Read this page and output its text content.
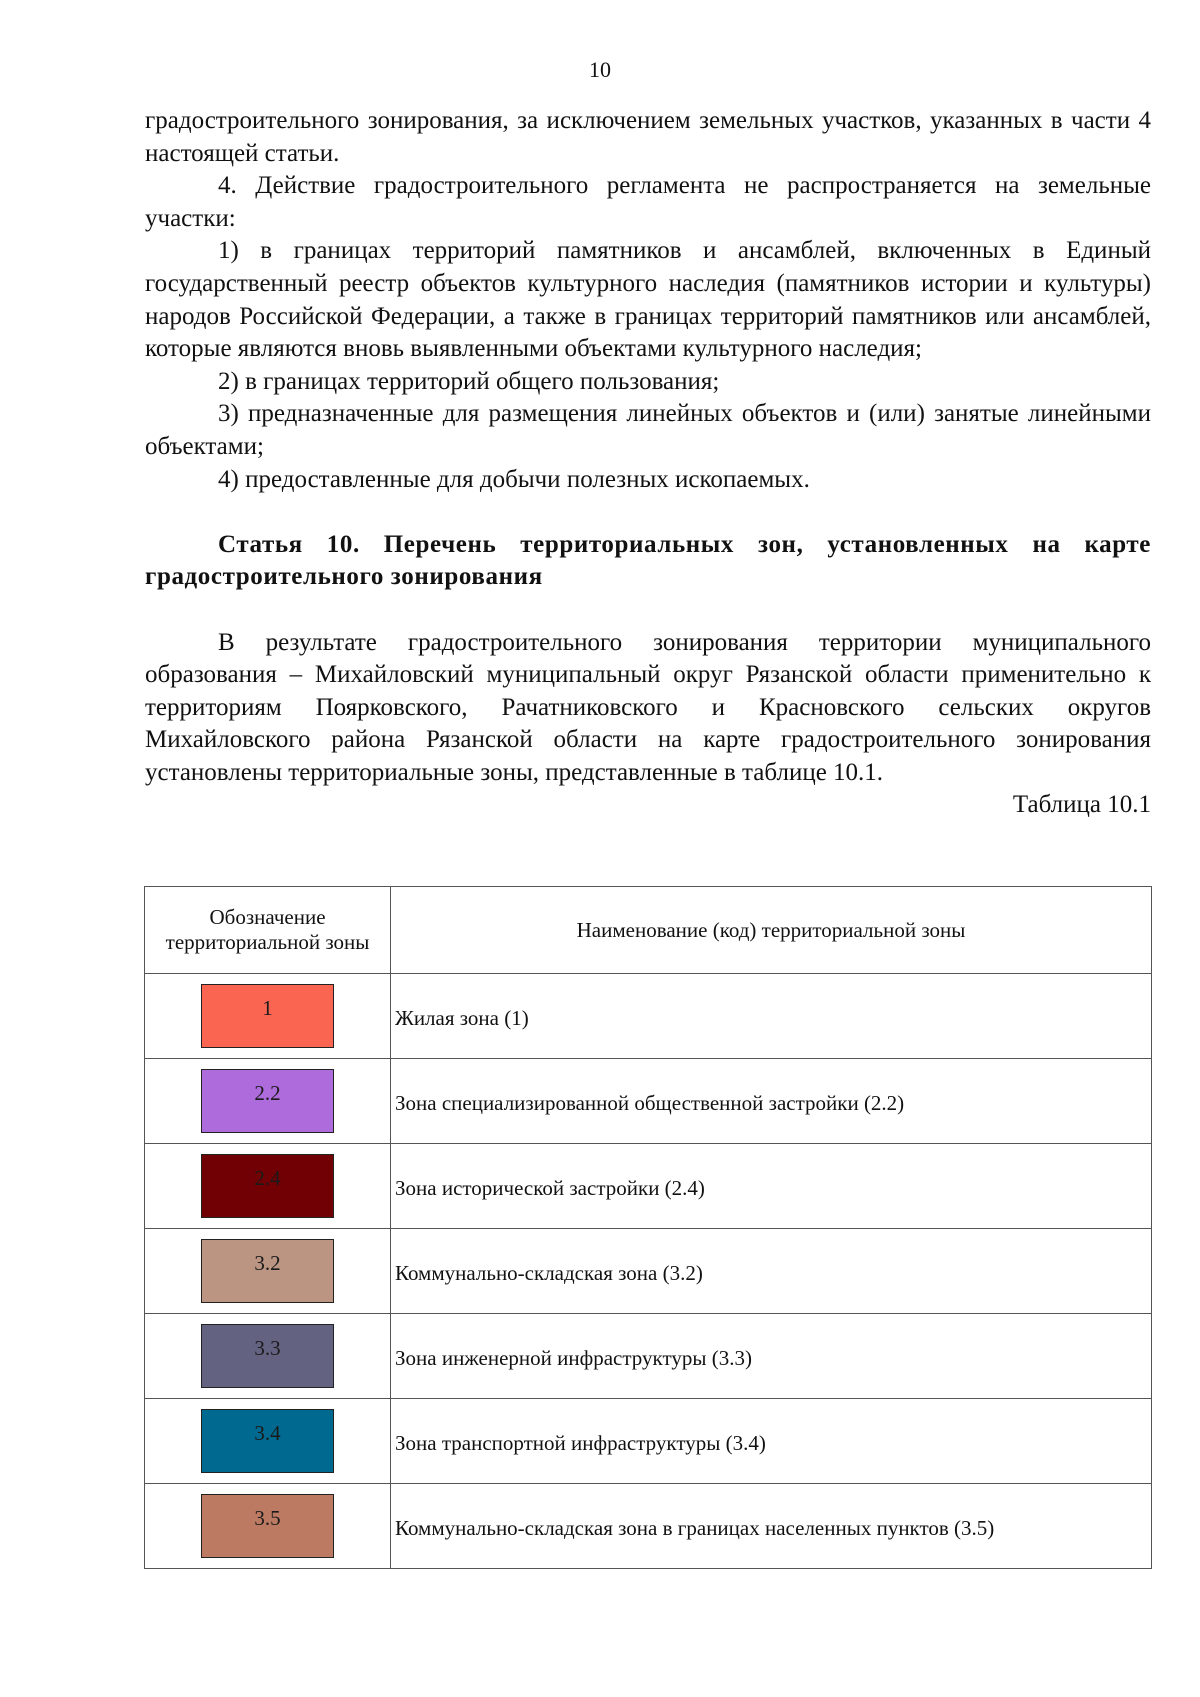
10

градостроительного зонирования, за исключением земельных участков, указанных в части 4 настоящей статьи.

4. Действие градостроительного регламента не распространяется на земельные участки:

1) в границах территорий памятников и ансамблей, включенных в Единый государственный реестр объектов культурного наследия (памятников истории и культуры) народов Российской Федерации, а также в границах территорий памятников или ансамблей, которые являются вновь выявленными объектами культурного наследия;

2) в границах территорий общего пользования;

3) предназначенные для размещения линейных объектов и (или) занятые линейными объектами;

4) предоставленные для добычи полезных ископаемых.

Статья 10. Перечень территориальных зон, установленных на карте градостроительного зонирования

В результате градостроительного зонирования территории муниципального образования – Михайловский муниципальный округ Рязанской области применительно к территориям Поярковского, Рачатниковского и Красновского сельских округов Михайловского района Рязанской области на карте градостроительного зонирования установлены территориальные зоны, представленные в таблице 10.1.

Таблица 10.1

Обозначение территориальной зоны	Наименование (код) территориальной зоны
1	Жилая зона (1)
2.2	Зона специализированной общественной застройки (2.2)
2.4	Зона исторической застройки (2.4)
3.2	Коммунально-складская зона (3.2)
3.3	Зона инженерной инфраструктуры (3.3)
3.4	Зона транспортной инфраструктуры (3.4)
3.5	Коммунально-складская зона в границах населенных пунктов (3.5)
